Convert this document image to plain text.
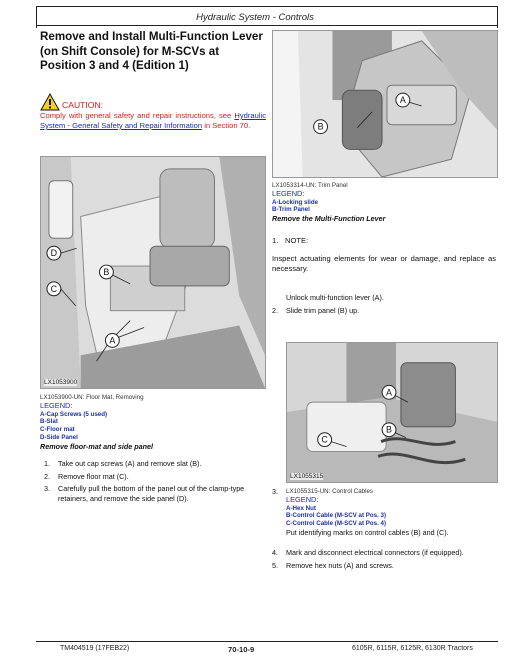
Hydraulic System - Controls
Remove and Install Multi-Function Lever (on Shift Console) for M-SCVs at Position 3 and 4 (Edition 1)
CAUTION:
Comply with general safety and repair instructions, see Hydraulic System - General Safety and Repair Information in Section 70.
D
C
B
A
LX1053900
LX1053900-UN: Floor Mat, Removing
LEGEND:
A-Cap Screws (5 used)
B-Slat
C-Floor mat
D-Side Panel
Remove floor-mat and side panel
1.	Take out cap screws (A) and remove slat (B).
2.	Remove floor mat (C).
3.	Carefully pull the bottom of the panel out of the clamp-type retainers, and remove the side panel (D).
A
B
LX1053314-UN: Trim Panel
LEGEND:
A-Locking slide
B-Trim Panel
Remove the Multi-Function Lever
1. NOTE:
Inspect actuating elements for wear or damage, and replace as necessary.
Unlock multi-function lever (A).
2.	Slide trim panel (B) up.
A
B
C
LX1055315
3.	LX1055315-UN: Control Cables
LEGEND:
A-Hex Nut
B-Control Cable (M-SCV at Pos. 3)
C-Control Cable (M-SCV at Pos. 4)
Put identifying marks on control cables (B) and (C).
4.	Mark and disconnect electrical connectors (if equipped).
5.	Remove hex nuts (A) and screws.
TM404519 (17FEB22)	70-10-9	6105R, 6115R, 6125R, 6130R Tractors
